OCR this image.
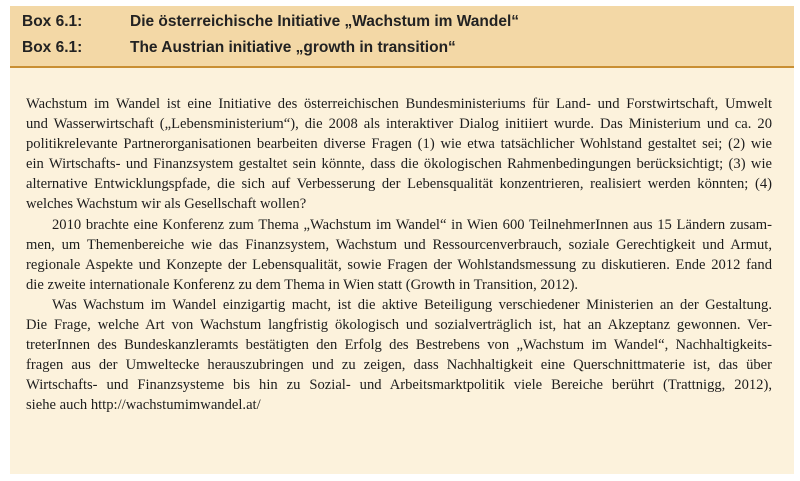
Box 6.1:	Die österreichische Initiative „Wachstum im Wandel“
Box 6.1:	The Austrian initiative „growth in transition“
Wachstum im Wandel ist eine Initiative des österreichischen Bundesministeriums für Land- und Forstwirtschaft, Umwelt
und Wasserwirtschaft („Lebensministerium“), die 2008 als interaktiver Dialog initiiert wurde. Das Ministerium und ca. 20
politikrelevante Partnerorganisationen bearbeiten diverse Fragen (1) wie etwa tatsächlicher Wohlstand gestaltet sei; (2) wie
ein Wirtschafts- und Finanzsystem gestaltet sein könnte, dass die ökologischen Rahmenbedingungen berücksichtigt; (3) wie
alternative Entwicklungspfade, die sich auf Verbesserung der Lebensqualität konzentrieren, realisiert werden könnten; (4)
welches Wachstum wir als Gesellschaft wollen?
2010 brachte eine Konferenz zum Thema „Wachstum im Wandel“ in Wien 600 TeilnehmerInnen aus 15 Ländern zusam-
men, um Themenbereiche wie das Finanzsystem, Wachstum und Ressourcenverbrauch, soziale Gerechtigkeit und Armut,
regionale Aspekte und Konzepte der Lebensqualität, sowie Fragen der Wohlstandsmessung zu diskutieren. Ende 2012 fand
die zweite internationale Konferenz zu dem Thema in Wien statt (Growth in Transition, 2012).
Was Wachstum im Wandel einzigartig macht, ist die aktive Beteiligung verschiedener Ministerien an der Gestaltung.
Die Frage, welche Art von Wachstum langfristig ökologisch und sozialverträglich ist, hat an Akzeptanz gewonnen. Ver-
treterInnen des Bundeskanzleramts bestätigten den Erfolg des Bestrebens von „Wachstum im Wandel“, Nachhaltigkeits-
fragen aus der Umweltecke herauszubringen und zu zeigen, dass Nachhaltigkeit eine Querschnittmaterie ist, das über
Wirtschafts- und Finanzsysteme bis hin zu Sozial- und Arbeitsmarktpolitik viele Bereiche berührt (Trattnigg, 2012),
siehe auch http://wachstumimwandel.at/
